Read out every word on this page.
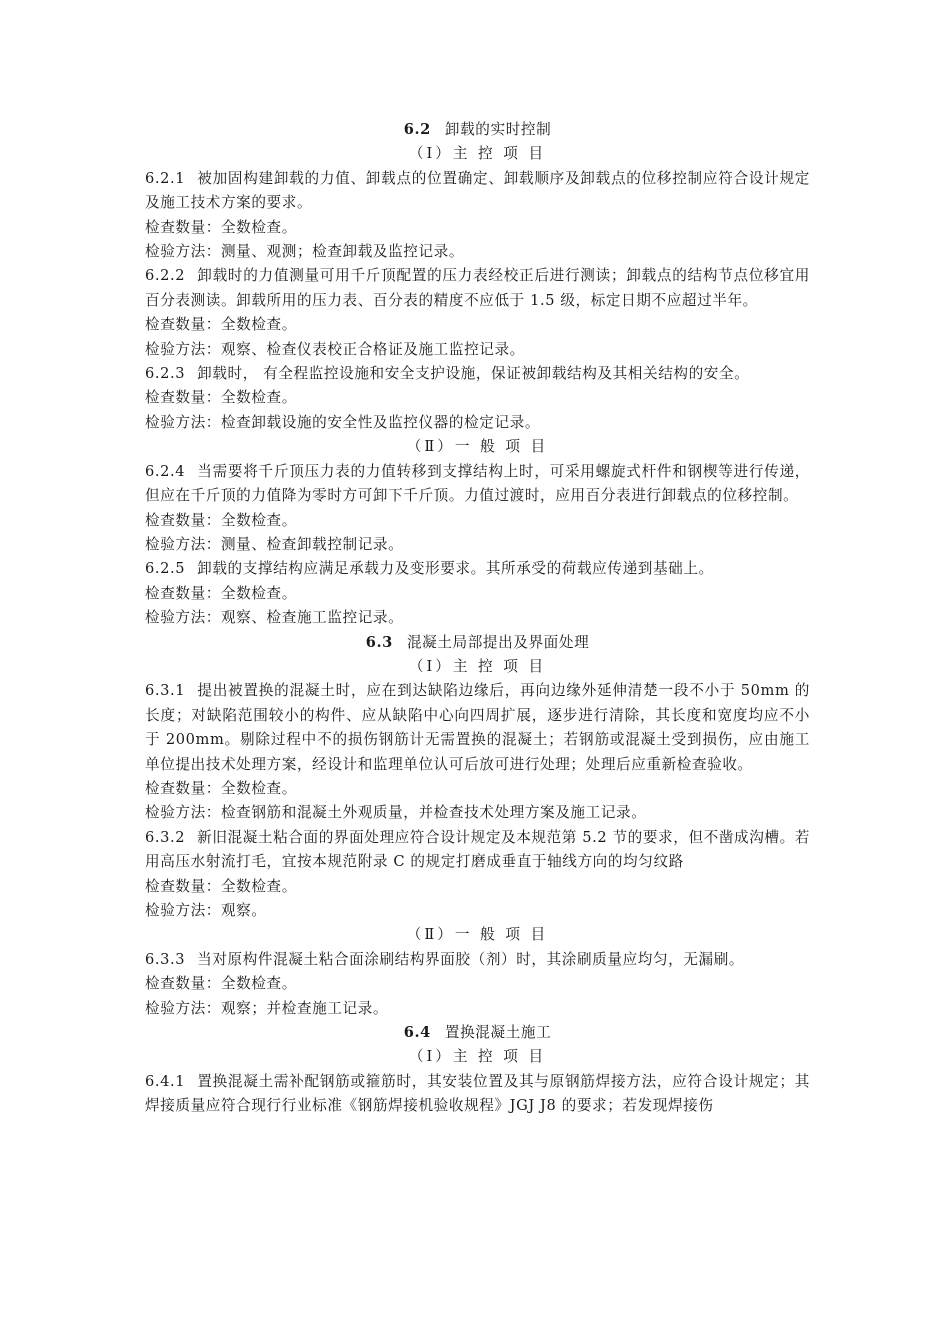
6.2 卸载的实时控制

（Ⅰ）主 控 项 目

6.2.1 被加固构建卸载的力值、卸载点的位置确定、卸载顺序及卸载点的位移控制应符合设计规定及施工技术方案的要求。

检查数量：全数检查。

检验方法：测量、观测；检查卸载及监控记录。

6.2.2 卸载时的力值测量可用千斤顶配置的压力表经校正后进行测读；卸载点的结构节点位移宜用百分表测读。卸载所用的压力表、百分表的精度不应低于 1.5 级，标定日期不应超过半年。

检查数量：全数检查。

检验方法：观察、检查仪表校正合格证及施工监控记录。

6.2.3 卸载时， 有全程监控设施和安全支护设施，保证被卸载结构及其相关结构的安全。

检查数量：全数检查。

检验方法：检查卸载设施的安全性及监控仪器的检定记录。

（Ⅱ）一 般 项 目

6.2.4 当需要将千斤顶压力表的力值转移到支撑结构上时，可采用螺旋式杆件和钢楔等进行传递，但应在千斤顶的力值降为零时方可卸下千斤顶。力值过渡时，应用百分表进行卸载点的位移控制。

检查数量：全数检查。

检验方法：测量、检查卸载控制记录。

6.2.5 卸载的支撑结构应满足承载力及变形要求。其所承受的荷载应传递到基础上。

检查数量：全数检查。

检验方法：观察、检查施工监控记录。

6.3 混凝土局部提出及界面处理

（Ⅰ）主 控 项 目

6.3.1 提出被置换的混凝土时，应在到达缺陷边缘后，再向边缘外延伸清楚一段不小于 50mm 的长度；对缺陷范围较小的构件、应从缺陷中心向四周扩展，逐步进行清除，其长度和宽度均应不小于 200mm。剔除过程中不的损伤钢筋计无需置换的混凝土；若钢筋或混凝土受到损伤，应由施工单位提出技术处理方案，经设计和监理单位认可后放可进行处理；处理后应重新检查验收。

检查数量：全数检查。

检验方法：检查钢筋和混凝土外观质量，并检查技术处理方案及施工记录。

6.3.2 新旧混凝土粘合面的界面处理应符合设计规定及本规范第 5.2 节的要求，但不凿成沟槽。若用高压水射流打毛，宜按本规范附录 C 的规定打磨成垂直于轴线方向的均匀纹路

检查数量：全数检查。

检验方法：观察。

（Ⅱ）一 般 项 目

6.3.3 当对原构件混凝土粘合面涂刷结构界面胶（剂）时，其涂刷质量应均匀，无漏刷。

检查数量：全数检查。

检验方法：观察；并检查施工记录。

6.4 置换混凝土施工

（Ⅰ）主 控 项 目

6.4.1 置换混凝土需补配钢筋或箍筋时，其安装位置及其与原钢筋焊接方法，应符合设计规定；其焊接质量应符合现行行业标准《钢筋焊接机验收规程》JGJ J8 的要求；若发现焊接伤
